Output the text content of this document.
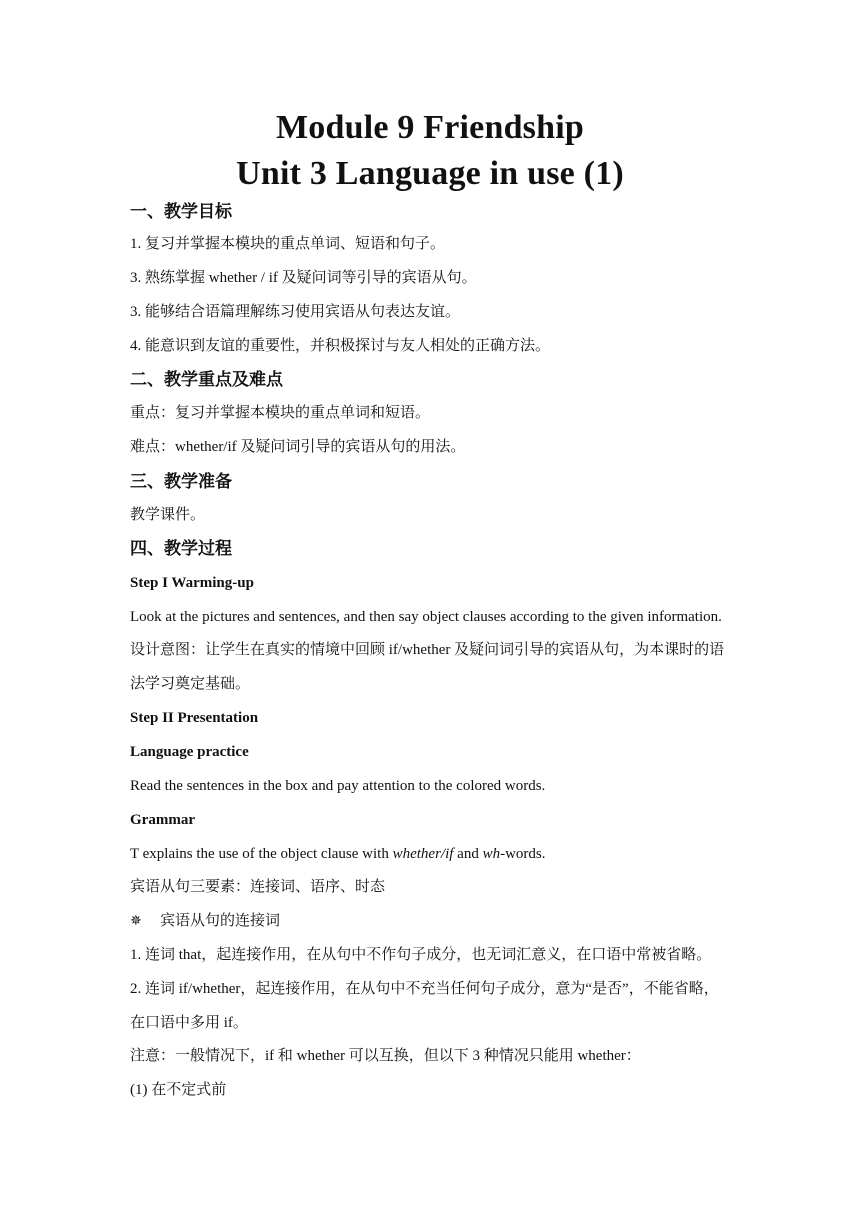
Module 9 Friendship
Unit 3 Language in use (1)
一、教学目标
1. 复习并掌握本模块的重点单词、短语和句子。
3. 熟练掌握 whether / if 及疑问词等引导的宾语从句。
3. 能够结合语篇理解练习使用宾语从句表达友谊。
4. 能意识到友谊的重要性，并积极探讨与友人相处的正确方法。
二、教学重点及难点
重点：复习并掌握本模块的重点单词和短语。
难点：whether/if 及疑问词引导的宾语从句的用法。
三、教学准备
教学课件。
四、教学过程
Step I Warming-up
Look at the pictures and sentences, and then say object clauses according to the given information.
设计意图：让学生在真实的情境中回顾 if/whether 及疑问词引导的宾语从句，为本课时的语
法学习奠定基础。
Step II Presentation
Language practice
Read the sentences in the box and pay attention to the colored words.
Grammar
T explains the use of the object clause with whether/if and wh-words.
宾语从句三要素：连接词、语序、时态
✵ 宾语从句的连接词
1. 连词 that，起连接作用，在从句中不作句子成分，也无词汇意义，在口语中常被省略。
2. 连词 if/whether，起连接作用，在从句中不充当任何句子成分，意为“是否”，不能省略，
在口语中多用 if。
注意：一般情况下，if 和 whether 可以互换，但以下 3 种情况只能用 whether：
(1) 在不定式前
